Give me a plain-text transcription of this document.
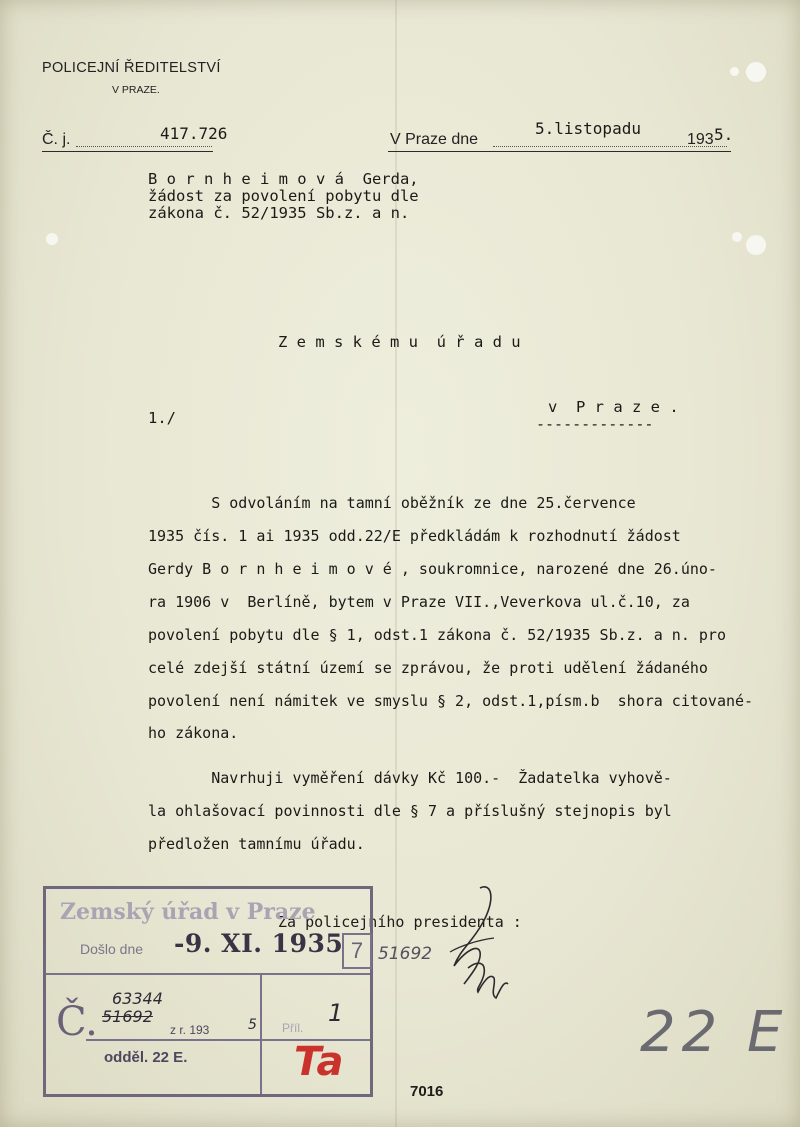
POLICEJNÍ ŘEDITELSTVÍ
V PRAZE.
Č. j.	417.726	V Praze dne
5.listopadu
193 5.
B o r n h e i m o v á  Gerda,
žádost za povolení pobytu dle
zákona č. 52/1935 Sb.z. a n.
Z e m s k é m u  ú ř a d u
1./
v  P r a z e .
-------------
S odvoláním na tamní oběžník ze dne 25.července
1935 čís. 1 ai 1935 odd.22/E předkládám k rozhodnutí žádost
Gerdy B o r n h e i m o v é , soukromnice, narozené dne 26.úno-
ra 1906 v  Berlíně, bytem v Praze VII.,Veverkova ul.č.10, za
povolení pobytu dle § 1, odst.1 zákona č. 52/1935 Sb.z. a n. pro
celé zdejší státní území se zprávou, že proti udělení žádaného
povolení není námitek ve smyslu § 2, odst.1,písm.b  shora citované-
ho zákona.
Navrhuji vyměření dávky Kč 100.-  Žadatelka vyhově-
la ohlašovací povinnosti dle § 7 a příslušný stejnopis byl
předložen tamnímu úřadu.
Za policejního presidenta :
51692
22 E
Zemský úřad v Praze
Došlo dne -9. XI. 1935 7
Č.
63344
51692
z r. 193	5 Příl.
1
odděl. 22 E.	Ta
7016
